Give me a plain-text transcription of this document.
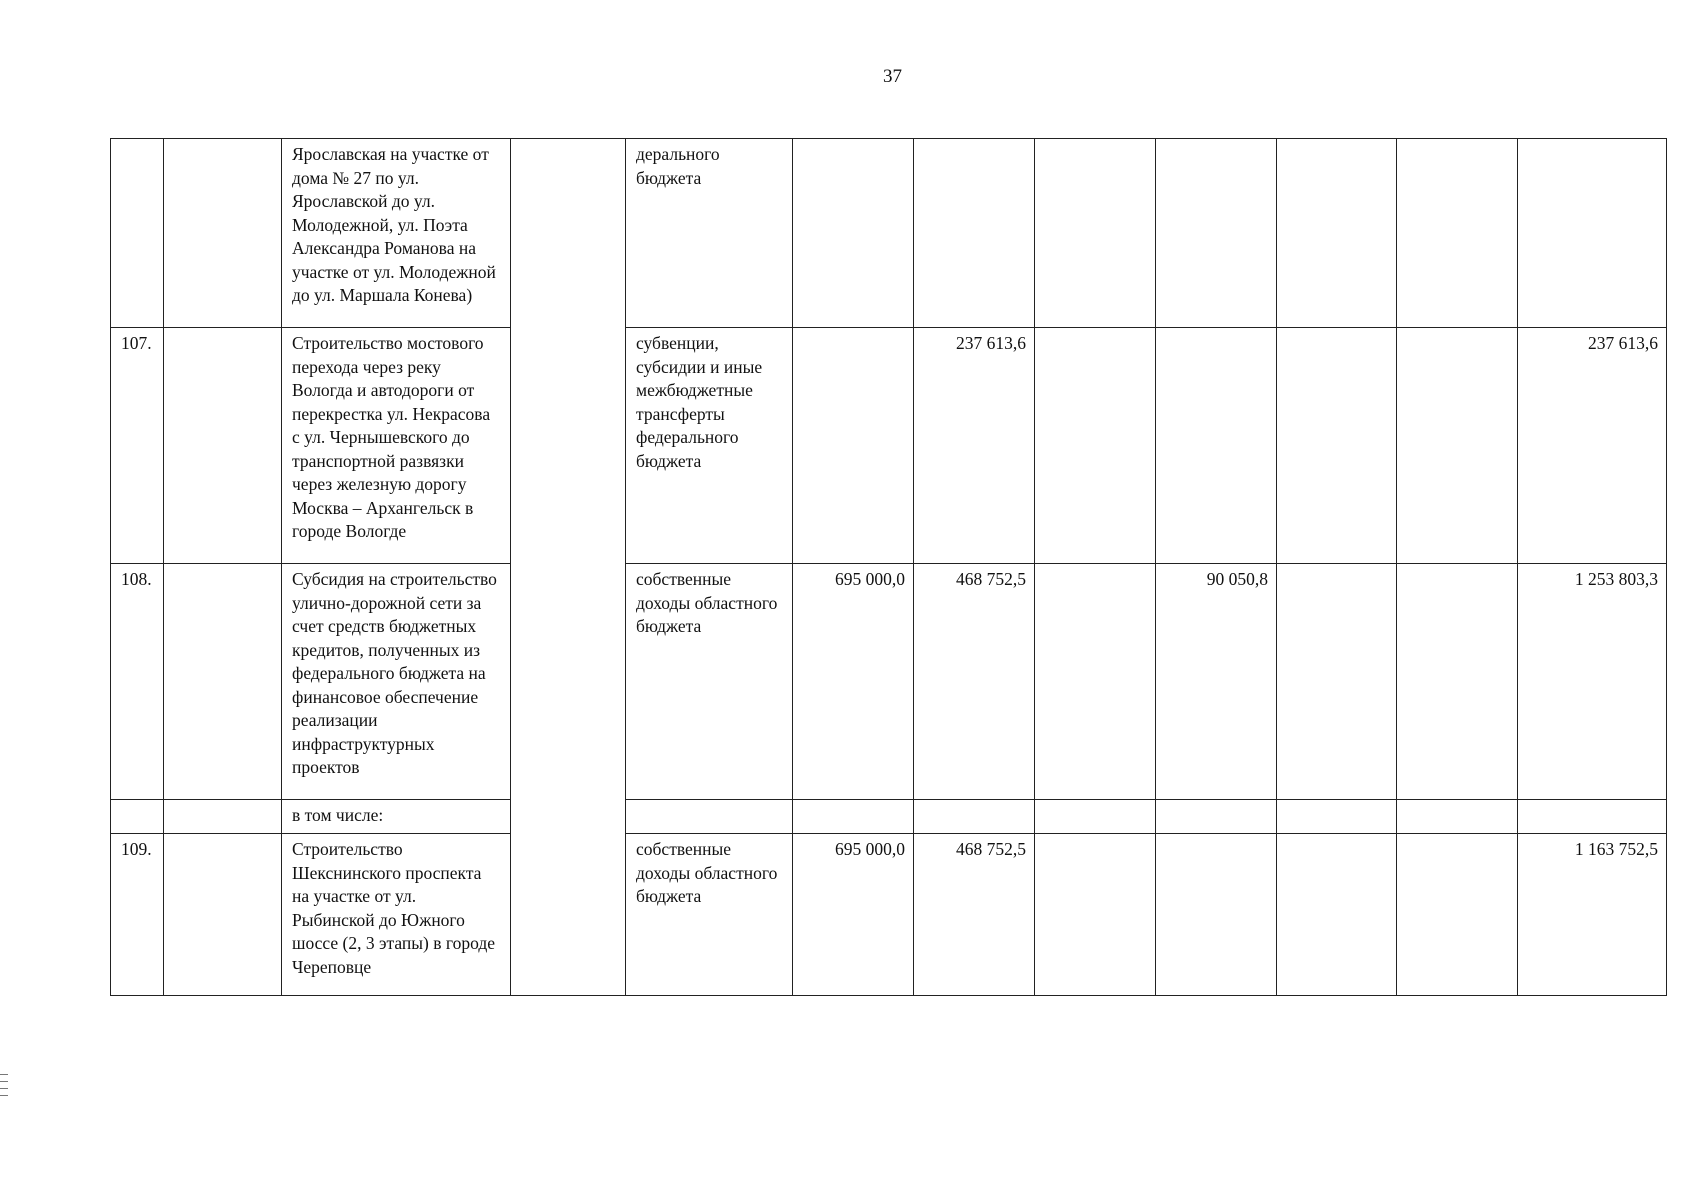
37
		Ярославская на участке от дома № 27 по ул. Ярославской до ул. Молодежной, ул. Поэта Александра Романова на участке от ул. Молодежной до ул. Маршала Конева)		дерального бюджета							
107.		Строительство мостового перехода через реку Вологда и автодороги от перекрестка ул. Некрасова с ул. Чернышевского до транспортной развязки через железную дорогу Москва – Архангельск в городе Вологде		субвенции, субсидии и иные межбюджетные трансферты федерального бюджета		237 613,6					237 613,6
108.		Субсидия на строительство улично-дорожной сети за счет средств бюджетных кредитов, полученных из федерального бюджета на финансовое обеспечение реализации инфраструктурных проектов		собственные доходы областного бюджета	695 000,0	468 752,5		90 050,8			1 253 803,3
		в том числе:									
109.		Строительство Шекснинского проспекта на участке от ул. Рыбинской до Южного шоссе (2, 3 этапы) в городе Череповце		собственные доходы областного бюджета	695 000,0	468 752,5					1 163 752,5
